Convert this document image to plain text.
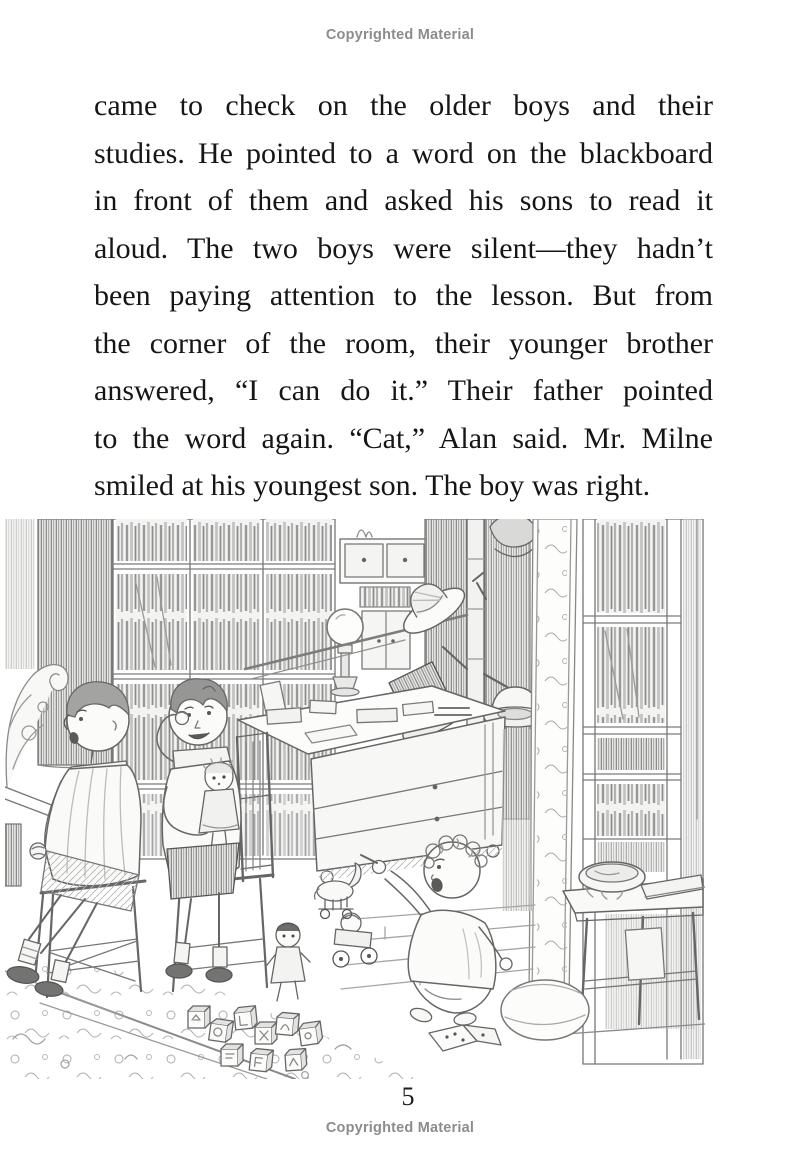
Copyrighted Material
came to check on the older boys and their
studies. He pointed to a word on the blackboard
in front of them and asked his sons to read it
aloud. The two boys were silent—they hadn’t
been paying attention to the lesson. But from
the corner of the room, their younger brother
answered, “I can do it.” Their father pointed
to the word again. “Cat,” Alan said. Mr. Milne
smiled at his youngest son. The boy was right.
5
Copyrighted Material
